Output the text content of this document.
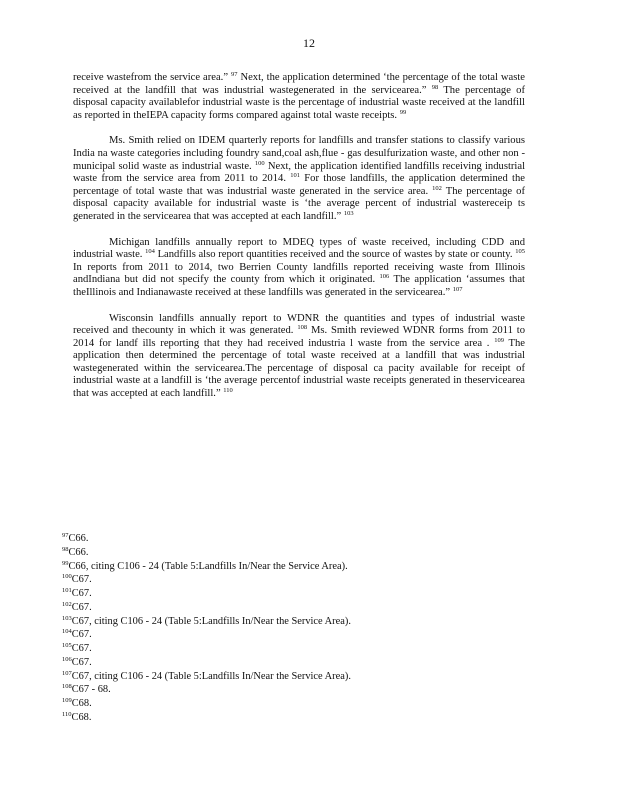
12

receive wastefrom the service area.” $^{97}$ Next, the application determined ‘the percentage of the total waste received at the landfill that was industrial wastegenerated in the servicearea.” $^{98}$ The percentage of disposal capacity availablefor industrial waste is the percentage of industrial waste received at the landfill as reported in theIEPA capacity forms compared against total waste receipts. $^{99}$

Ms. Smith relied on IDEM quarterly reports for landfills and transfer stations to classify various India na waste categories including foundry sand,coal ash,flue - gas desulfurization waste, and other non - municipal solid waste as industrial waste. $^{100}$ Next, the application identified landfills receiving industrial waste from the service area from 2011 to 2014. $^{101}$ For those landfills, the application determined the percentage of total waste that was industrial waste generated in the service area. $^{102}$ The percentage of disposal capacity available for industrial waste is ‘the average percent of industrial wastereceip ts generated in the servicearea that was accepted at each landfill.” $^{103}$

Michigan landfills annually report to MDEQ types of waste received, including CDD and industrial waste. $^{104}$ Landfills also report quantities received and the source of wastes by state or county. $^{105}$ In reports from 2011 to 2014, two Berrien County landfills reported receiving waste from Illinois andIndiana but did not specify the county from which it originated. $^{106}$ The application ‘assumes that theIllinois and Indianawaste received at these landfills was generated in the servicearea.” $^{107}$

Wisconsin landfills annually report to WDNR the quantities and types of industrial waste received and thecounty in which it was generated. $^{108}$ Ms. Smith reviewed WDNR forms from 2011 to 2014 for landf ills reporting that they had received industria l waste from the service area . $^{109}$ The application then determined the percentage of total waste received at a landfill that was industrial wastegenerated within the servicearea.The percentage of disposal ca pacity available for receipt of industrial waste at a landfill is ‘the average percentof industrial waste receipts generated in theservicearea that was accepted at each landfill.” $^{110}$

$^{97}$C66.
$^{98}$C66.
$^{99}$C66, citing C106 - 24 (Table 5:Landfills In/Near the Service Area).
$^{100}$C67.
$^{101}$C67.
$^{102}$C67.
$^{103}$C67, citing C106 - 24 (Table 5:Landfills In/Near the Service Area).
$^{104}$C67.
$^{105}$C67.
$^{106}$C67.
$^{107}$C67, citing C106 - 24 (Table 5:Landfills In/Near the Service Area).
$^{108}$C67 - 68.
$^{109}$C68.
$^{110}$C68.
